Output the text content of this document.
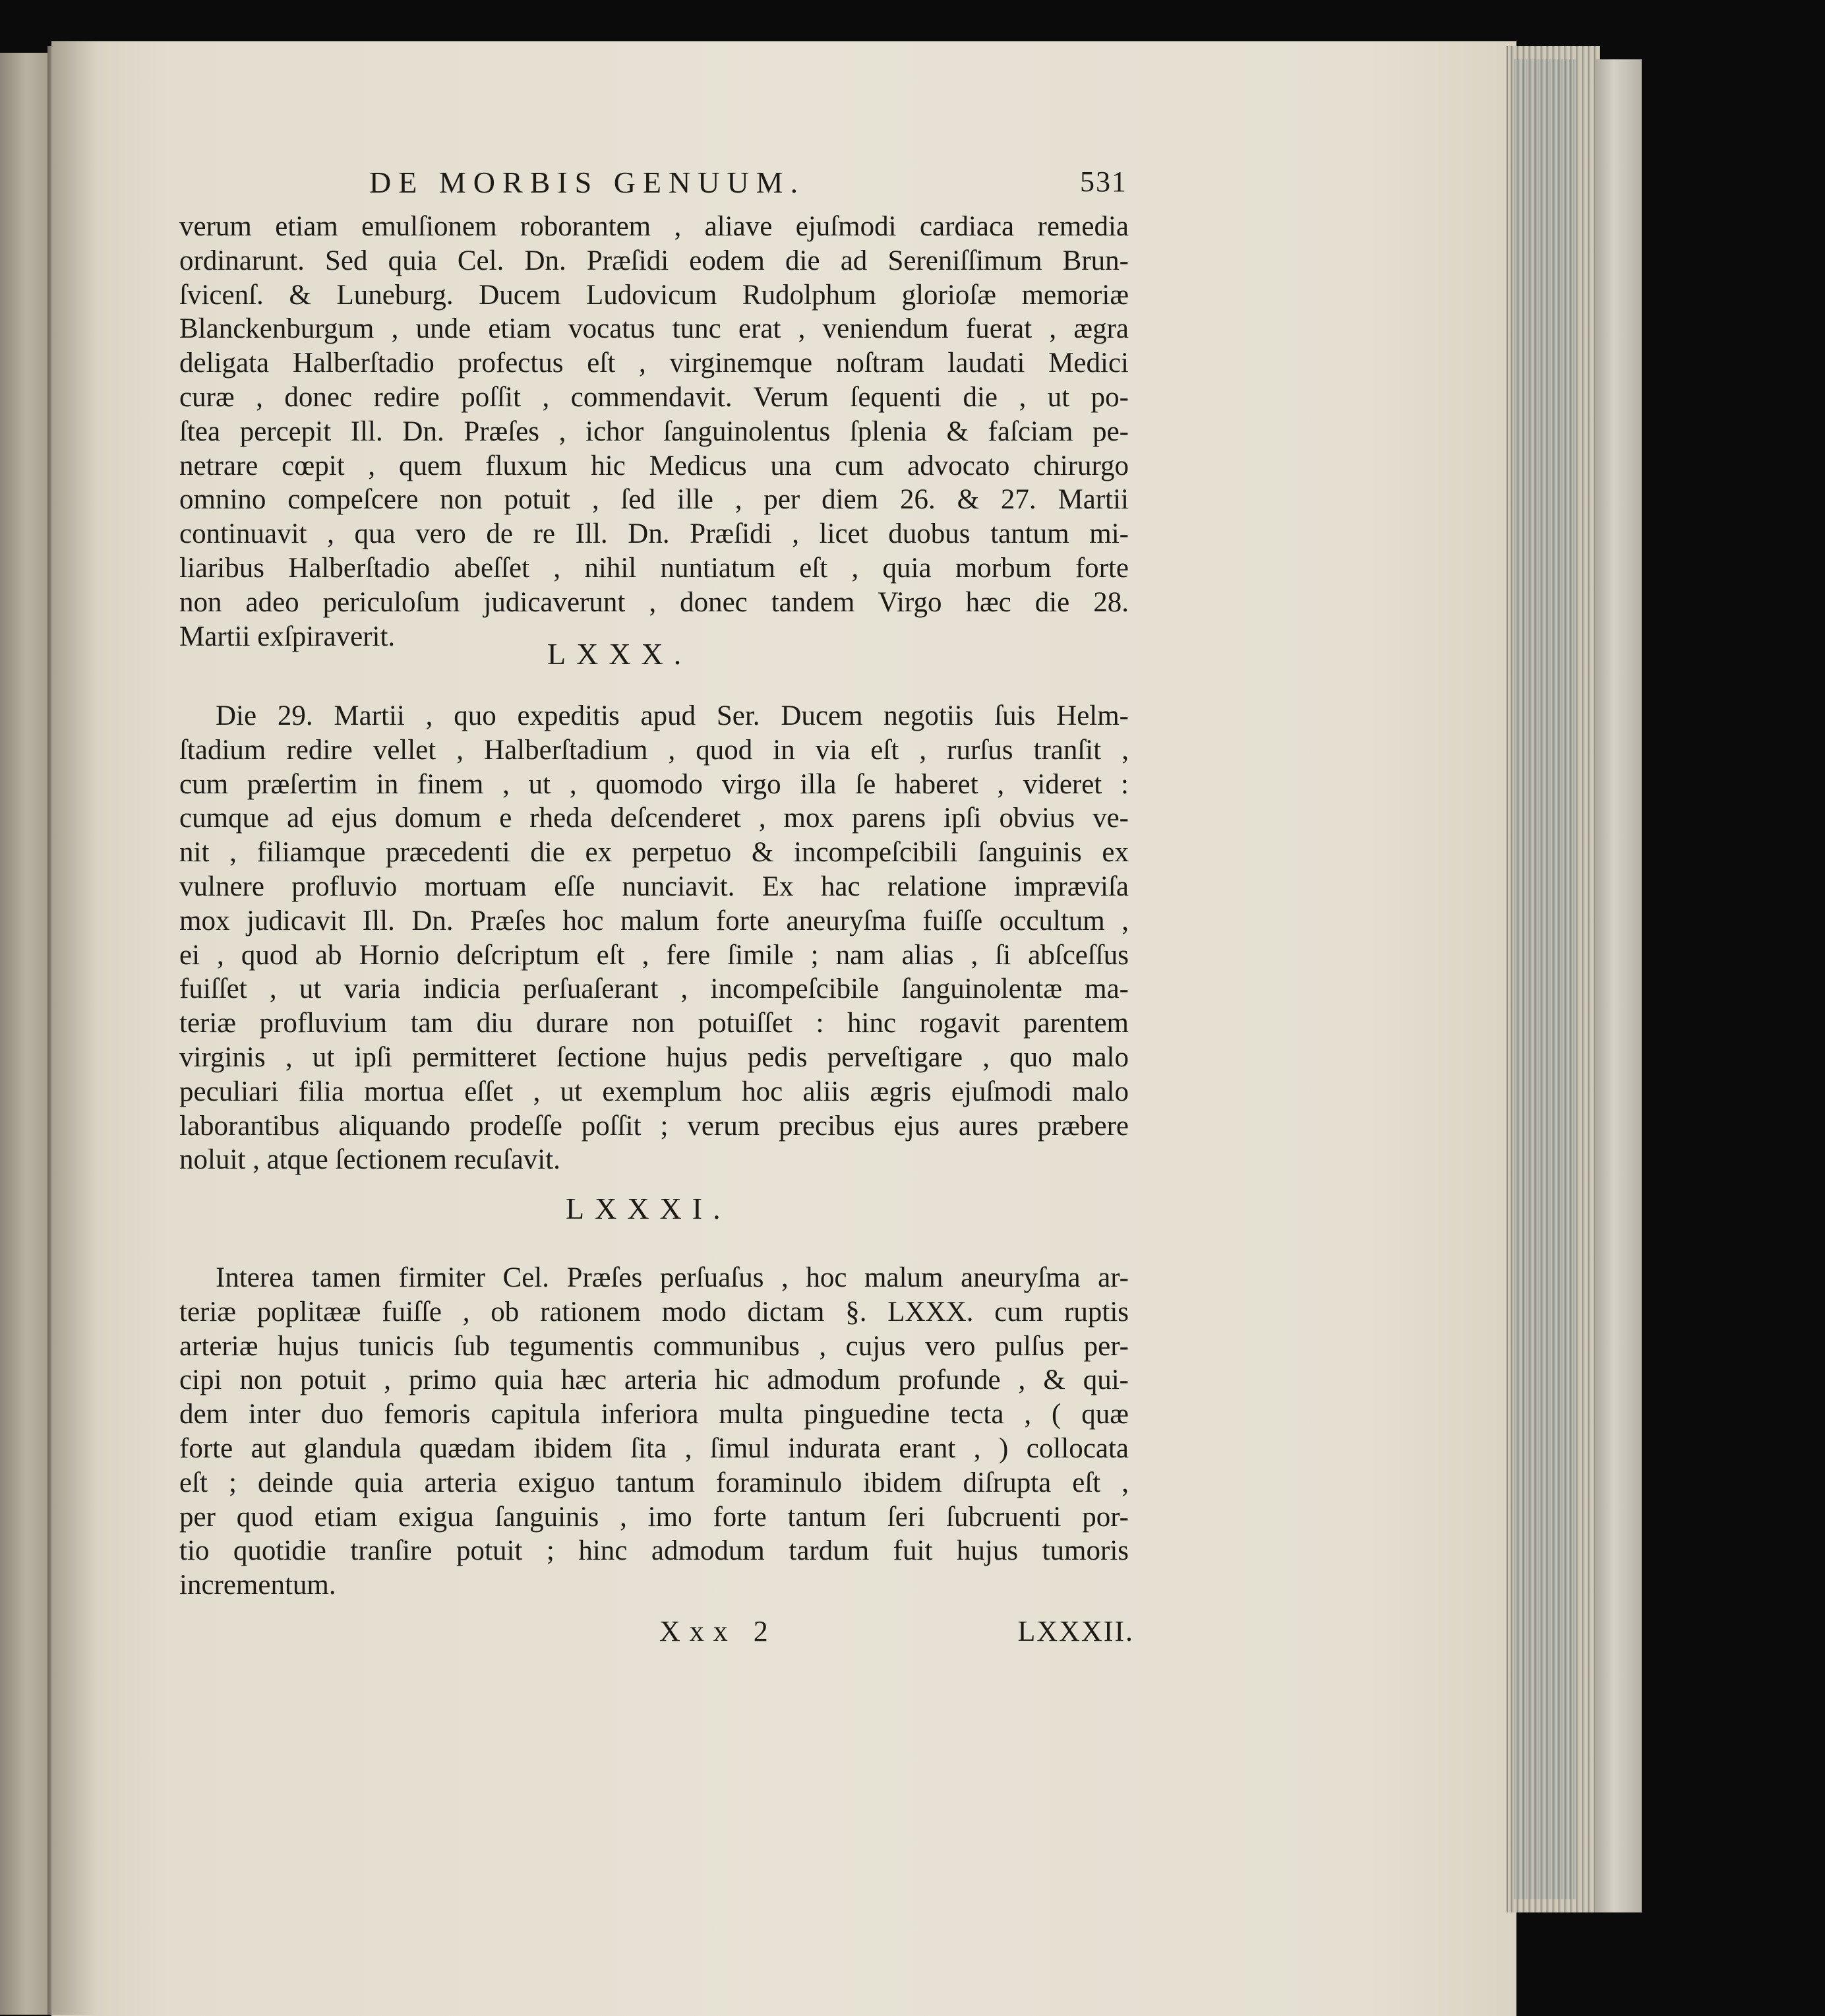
DE MORBIS GENUUM.	531
verum etiam emulſionem roborantem , aliave ejuſmodi cardiaca remedia
ordinarunt. Sed quia Cel. Dn. Præſidi eodem die ad Sereniſſimum Brun-
ſvicenſ. & Luneburg. Ducem Ludovicum Rudolphum glorioſæ memoriæ
Blanckenburgum , unde etiam vocatus tunc erat , veniendum fuerat , ægra
deligata Halberſtadio profectus eſt , virginemque noſtram laudati Medici
curæ , donec redire poſſit , commendavit. Verum ſequenti die , ut po-
ſtea percepit Ill. Dn. Præſes , ichor ſanguinolentus ſplenia & faſciam pe-
netrare cœpit , quem fluxum hic Medicus una cum advocato chirurgo
omnino compeſcere non potuit , ſed ille , per diem 26. & 27. Martii
continuavit , qua vero de re Ill. Dn. Præſidi , licet duobus tantum mi-
liaribus Halberſtadio abeſſet , nihil nuntiatum eſt , quia morbum forte
non adeo periculoſum judicaverunt , donec tandem Virgo hæc die 28.
Martii exſpiraverit.
LXXX.
Die 29. Martii , quo expeditis apud Ser. Ducem negotiis ſuis Helm-
ſtadium redire vellet , Halberſtadium , quod in via eſt , rurſus tranſit ,
cum præſertim in finem , ut , quomodo virgo illa ſe haberet , videret :
cumque ad ejus domum e rheda deſcenderet , mox parens ipſi obvius ve-
nit , filiamque præcedenti die ex perpetuo & incompeſcibili ſanguinis ex
vulnere profluvio mortuam eſſe nunciavit. Ex hac relatione impræviſa
mox judicavit Ill. Dn. Præſes hoc malum forte aneuryſma fuiſſe occultum ,
ei , quod ab Hornio deſcriptum eſt , fere ſimile ; nam alias , ſi abſceſſus
fuiſſet , ut varia indicia perſuaſerant , incompeſcibile ſanguinolentæ ma-
teriæ profluvium tam diu durare non potuiſſet : hinc rogavit parentem
virginis , ut ipſi permitteret ſectione hujus pedis perveſtigare , quo malo
peculiari filia mortua eſſet , ut exemplum hoc aliis ægris ejuſmodi malo
laborantibus aliquando prodeſſe poſſit ; verum precibus ejus aures præbere
noluit , atque ſectionem recuſavit.
LXXXI.
Interea tamen firmiter Cel. Præſes perſuaſus , hoc malum aneuryſma ar-
teriæ poplitææ fuiſſe , ob rationem modo dictam §. LXXX. cum ruptis
arteriæ hujus tunicis ſub tegumentis communibus , cujus vero pulſus per-
cipi non potuit , primo quia hæc arteria hic admodum profunde , & qui-
dem inter duo femoris capitula inferiora multa pinguedine tecta , ( quæ
forte aut glandula quædam ibidem ſita , ſimul indurata erant , ) collocata
eſt ; deinde quia arteria exiguo tantum foraminulo ibidem diſrupta eſt ,
per quod etiam exigua ſanguinis , imo forte tantum ſeri ſubcruenti por-
tio quotidie tranſire potuit ; hinc admodum tardum fuit hujus tumoris
incrementum.
Xxx 2	LXXXII.
